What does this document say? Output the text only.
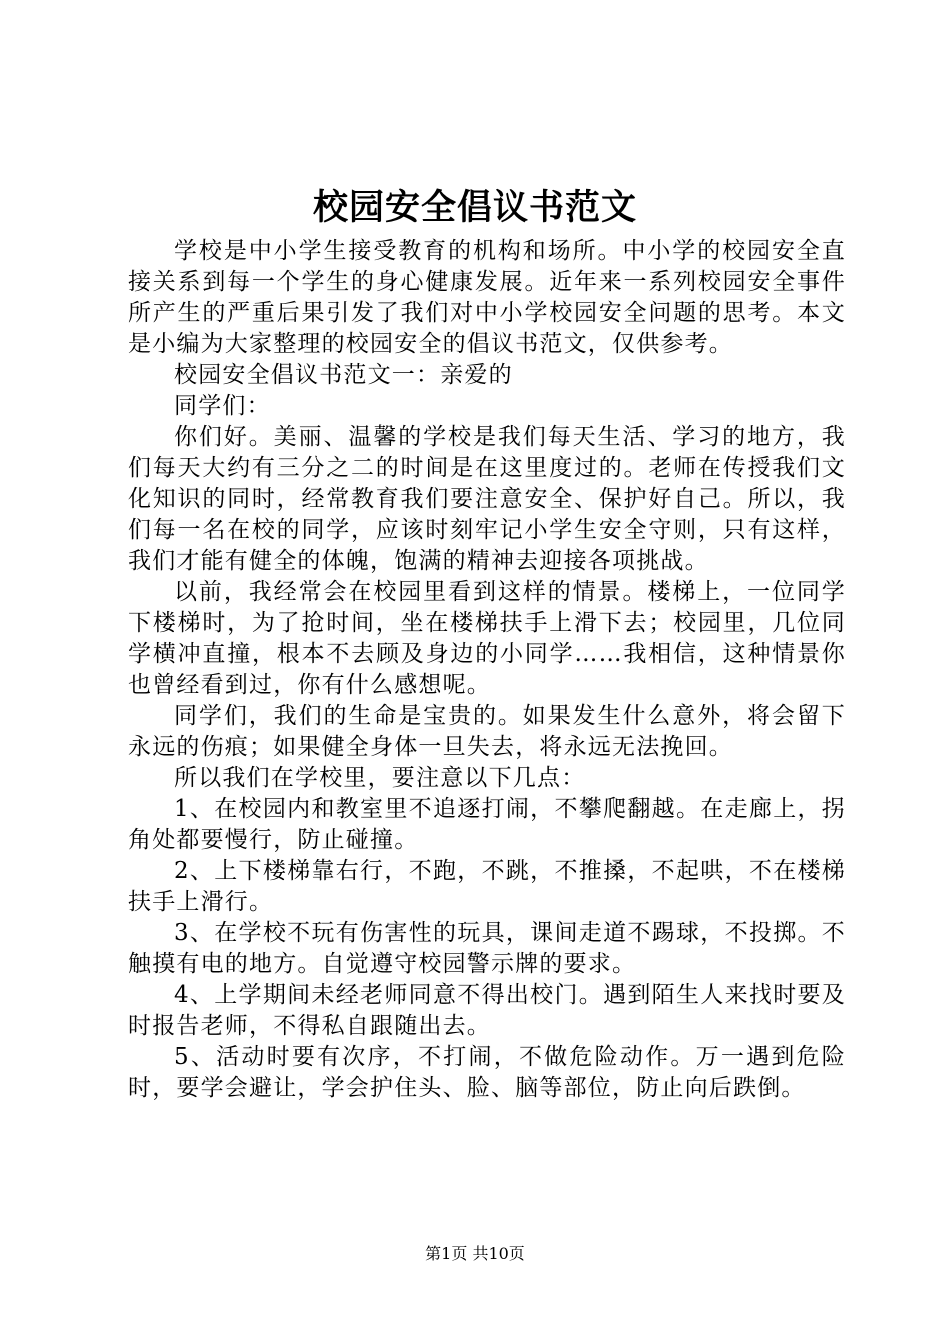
校园安全倡议书范文

学校是中小学生接受教育的机构和场所。中小学的校园安全直接关系到每一个学生的身心健康发展。近年来一系列校园安全事件所产生的严重后果引发了我们对中小学校园安全问题的思考。本文是小编为大家整理的校园安全的倡议书范文，仅供参考。

校园安全倡议书范文一：亲爱的

同学们：

你们好。美丽、温馨的学校是我们每天生活、学习的地方，我们每天大约有三分之二的时间是在这里度过的。老师在传授我们文化知识的同时，经常教育我们要注意安全、保护好自己。所以，我们每一名在校的同学，应该时刻牢记小学生安全守则，只有这样，我们才能有健全的体魄，饱满的精神去迎接各项挑战。

以前，我经常会在校园里看到这样的情景。楼梯上，一位同学下楼梯时，为了抢时间，坐在楼梯扶手上滑下去；校园里，几位同学横冲直撞，根本不去顾及身边的小同学……我相信，这种情景你也曾经看到过，你有什么感想呢。

同学们，我们的生命是宝贵的。如果发生什么意外，将会留下永远的伤痕；如果健全身体一旦失去，将永远无法挽回。

所以我们在学校里，要注意以下几点：

1、在校园内和教室里不追逐打闹，不攀爬翻越。在走廊上，拐角处都要慢行，防止碰撞。

2、上下楼梯靠右行，不跑，不跳，不推搡，不起哄，不在楼梯扶手上滑行。

3、在学校不玩有伤害性的玩具，课间走道不踢球，不投掷。不触摸有电的地方。自觉遵守校园警示牌的要求。

4、上学期间未经老师同意不得出校门。遇到陌生人来找时要及时报告老师，不得私自跟随出去。

5、活动时要有次序，不打闹，不做危险动作。万一遇到危险时，要学会避让，学会护住头、脸、脑等部位，防止向后跌倒。

第1页 共10页
